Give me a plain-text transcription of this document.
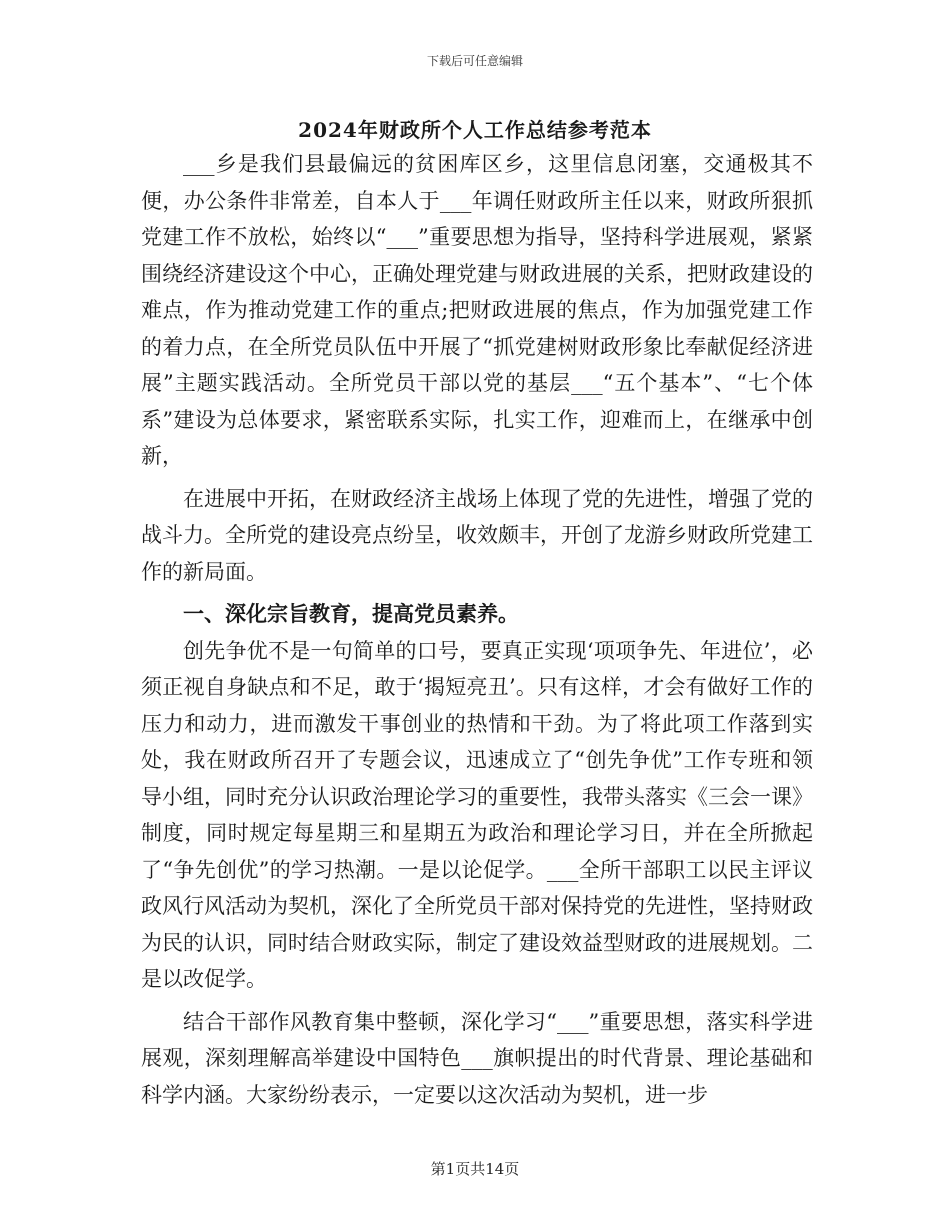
下载后可任意编辑
2024年财政所个人工作总结参考范本

___乡是我们县最偏远的贫困库区乡，这里信息闭塞，交通极其不便，办公条件非常差，自本人于___年调任财政所主任以来，财政所狠抓党建工作不放松，始终以“___”重要思想为指导，坚持科学进展观，紧紧围绕经济建设这个中心，正确处理党建与财政进展的关系，把财政建设的难点，作为推动党建工作的重点;把财政进展的焦点，作为加强党建工作的着力点，在全所党员队伍中开展了“抓党建树财政形象比奉献促经济进展”主题实践活动。全所党员干部以党的基层___“五个基本”、“七个体系”建设为总体要求，紧密联系实际，扎实工作，迎难而上，在继承中创新，

在进展中开拓，在财政经济主战场上体现了党的先进性，增强了党的战斗力。全所党的建设亮点纷呈，收效颇丰，开创了龙游乡财政所党建工作的新局面。

一、深化宗旨教育，提高党员素养。

创先争优不是一句简单的口号，要真正实现‘项项争先、年进位’，必须正视自身缺点和不足，敢于‘揭短亮丑’。只有这样，才会有做好工作的压力和动力，进而激发干事创业的热情和干劲。为了将此项工作落到实处，我在财政所召开了专题会议，迅速成立了“创先争优”工作专班和领导小组，同时充分认识政治理论学习的重要性，我带头落实《三会一课》制度，同时规定每星期三和星期五为政治和理论学习日，并在全所掀起了“争先创优”的学习热潮。一是以论促学。___全所干部职工以民主评议政风行风活动为契机，深化了全所党员干部对保持党的先进性，坚持财政为民的认识，同时结合财政实际，制定了建设效益型财政的进展规划。二是以改促学。

结合干部作风教育集中整顿，深化学习“___”重要思想，落实科学进展观，深刻理解高举建设中国特色___旗帜提出的时代背景、理论基础和科学内涵。大家纷纷表示，一定要以这次活动为契机，进一步

第1页共14页
